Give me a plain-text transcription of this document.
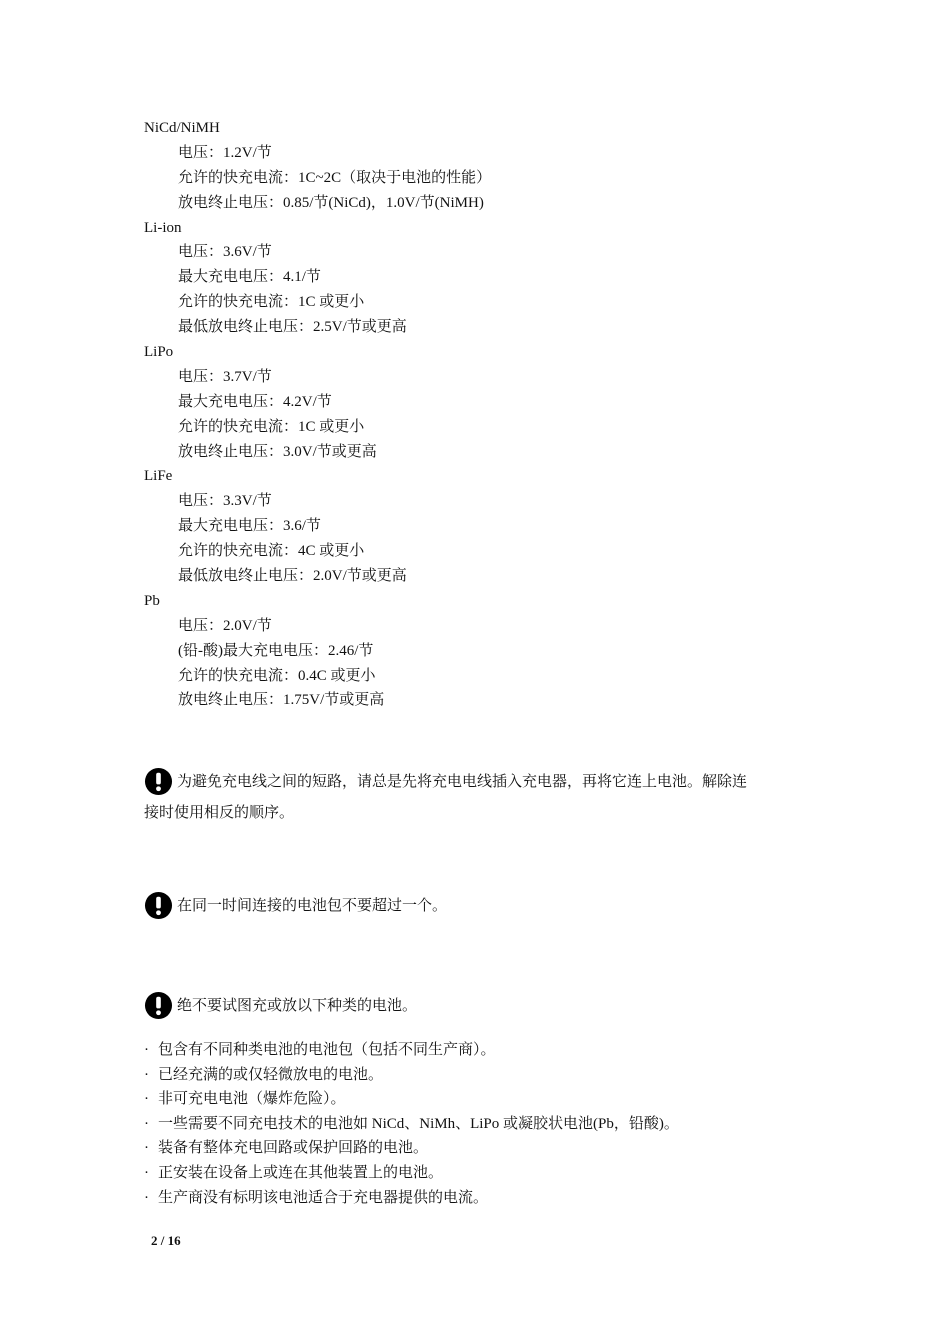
NiCd/NiMH
电压：1.2V/节
允许的快充电流：1C~2C（取决于电池的性能）
放电终止电压：0.85/节(NiCd)，1.0V/节(NiMH)
Li-ion
电压：3.6V/节
最大充电电压：4.1/节
允许的快充电流：1C 或更小
最低放电终止电压：2.5V/节或更高
LiPo
电压：3.7V/节
最大充电电压：4.2V/节
允许的快充电流：1C 或更小
放电终止电压：3.0V/节或更高
LiFe
电压：3.3V/节
最大充电电压：3.6/节
允许的快充电流：4C 或更小
最低放电终止电压：2.0V/节或更高
Pb
电压：2.0V/节
(铅-酸)最大充电电压：2.46/节
允许的快充电流：0.4C 或更小
放电终止电压：1.75V/节或更高
为避免充电线之间的短路，请总是先将充电电线插入充电器，再将它连上电池。解除连
接时使用相反的顺序。
在同一时间连接的电池包不要超过一个。
绝不要试图充或放以下种类的电池。
· 包含有不同种类电池的电池包（包括不同生产商）。
· 已经充满的或仅轻微放电的电池。
· 非可充电电池（爆炸危险）。
· 一些需要不同充电技术的电池如 NiCd、NiMh、LiPo 或凝胶状电池(Pb，铅酸)。
· 装备有整体充电回路或保护回路的电池。
· 正安装在设备上或连在其他装置上的电池。
· 生产商没有标明该电池适合于充电器提供的电流。
2 / 16
